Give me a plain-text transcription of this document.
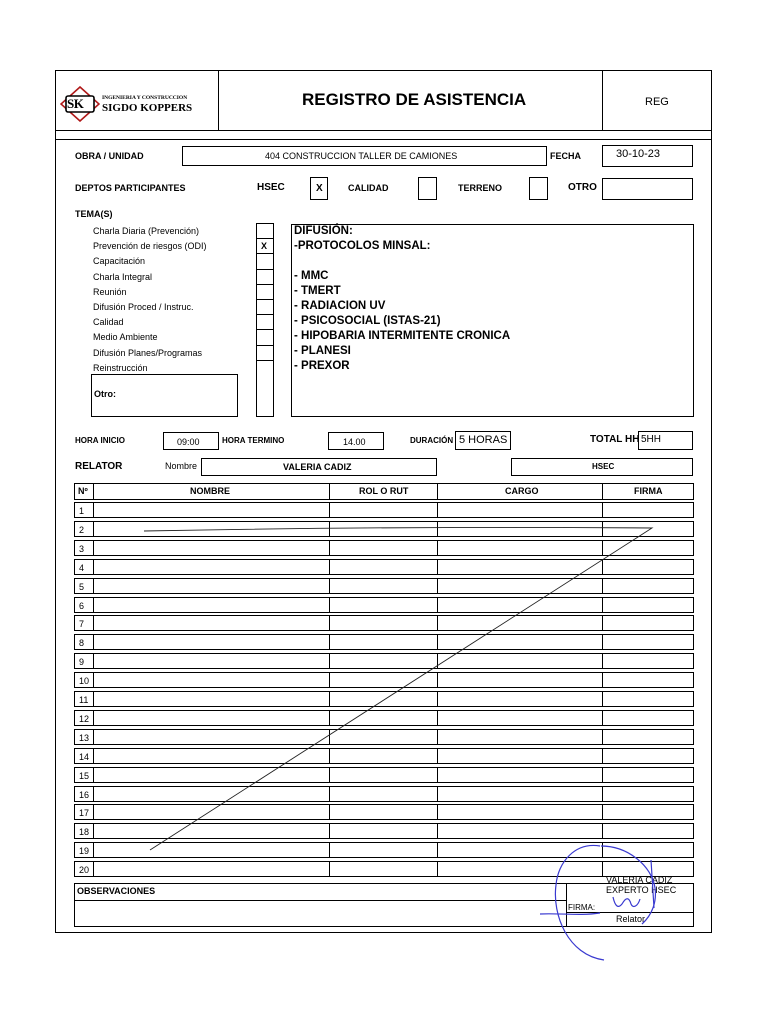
SK	INGENIERIA Y CONSTRUCCION
SIGDO KOPPERS	REGISTRO DE ASISTENCIA	REG
OBRA / UNIDAD	404 CONSTRUCCION TALLER DE CAMIONES	FECHA	30-10-23
DEPTOS PARTICIPANTES	HSEC	X	CALIDAD	TERRENO	OTRO
TEMA(S)
Charla Diaria (Prevención)
Prevención de riesgos (ODI)	X
Capacitación
Charla Integral
Reunión
Difusión Proced / Instruc.
Calidad
Medio Ambiente
Difusión Planes/Programas
Reinstrucción
Otro:
DIFUSIÓN:
-PROTOCOLOS MINSAL:
- MMC
- TMERT
- RADIACION UV
- PSICOSOCIAL (ISTAS-21)
- HIPOBARIA INTERMITENTE CRONICA
- PLANESI
- PREXOR
HORA INICIO	09:00	HORA TERMINO	14.00	DURACIÓN 5 HORAS	TOTAL HH 5HH
RELATOR	Nombre	VALERIA CADIZ	HSEC
Nº	NOMBRE	ROL O RUT	CARGO	FIRMA
1
2
3
4
5
6
7
8
9
10
11
12
13
14
15
16
17
18
19
20
OBSERVACIONES
VALERIA CADIZ
EXPERTO HSEC
FIRMA:
Relator
